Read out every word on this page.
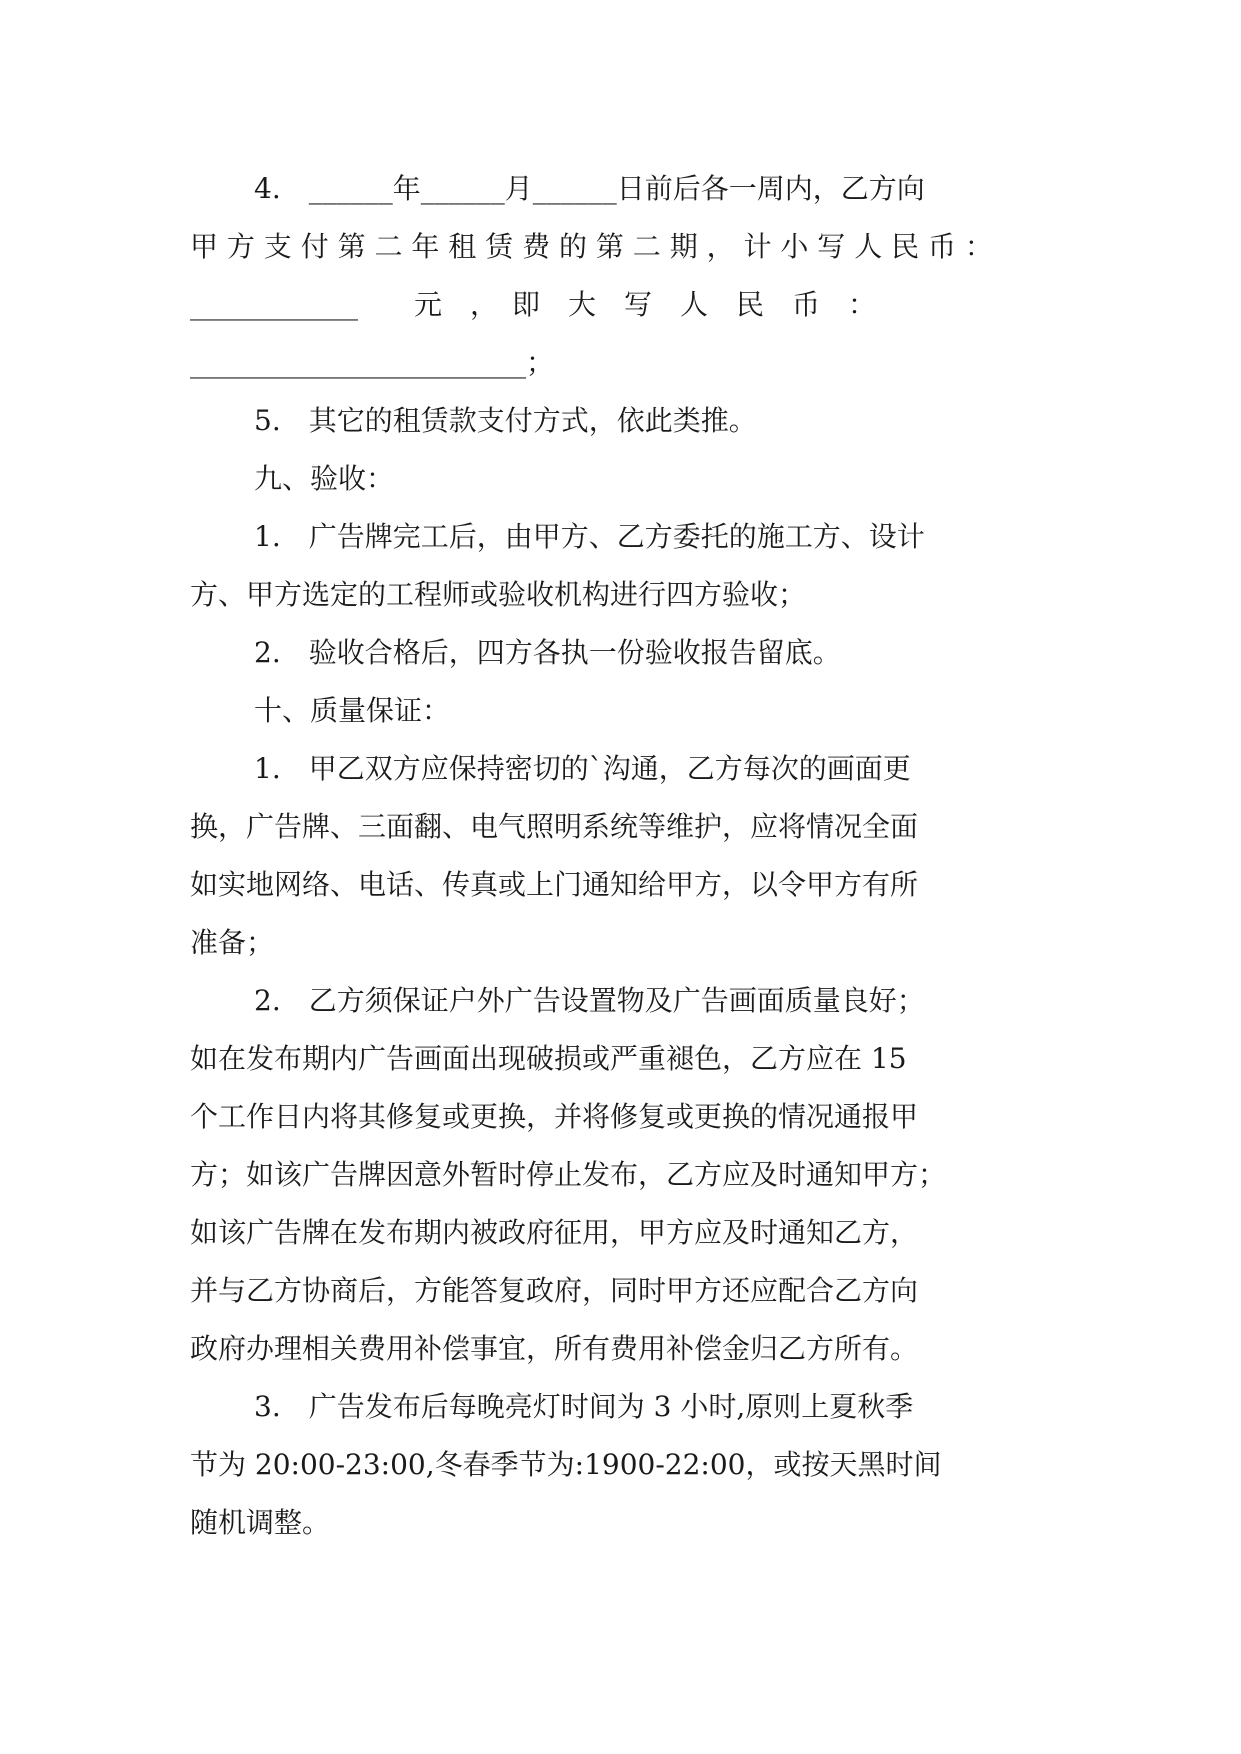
4.　______年______月______日前后各一周内，乙方向
甲 方 支 付 第 二 年 租 赁 费 的 第 二 期 ， 计 小 写 人 民 币 ：
____________　　元　，　即　大　写　人　民　币　：
________________________；
5.　其它的租赁款支付方式，依此类推。
九、验收：
1.　广告牌完工后，由甲方、乙方委托的施工方、设计
方、甲方选定的工程师或验收机构进行四方验收；
2.　验收合格后，四方各执一份验收报告留底。
十、质量保证：
1.　甲乙双方应保持密切的`沟通，乙方每次的画面更
换，广告牌、三面翻、电气照明系统等维护，应将情况全面
如实地网络、电话、传真或上门通知给甲方，以令甲方有所
准备；
2.　乙方须保证户外广告设置物及广告画面质量良好；
如在发布期内广告画面出现破损或严重褪色，乙方应在 15
个工作日内将其修复或更换，并将修复或更换的情况通报甲
方；如该广告牌因意外暂时停止发布，乙方应及时通知甲方；
如该广告牌在发布期内被政府征用，甲方应及时通知乙方，
并与乙方协商后，方能答复政府，同时甲方还应配合乙方向
政府办理相关费用补偿事宜，所有费用补偿金归乙方所有。
3.　广告发布后每晚亮灯时间为 3 小时,原则上夏秋季
节为 20:00-23:00,冬春季节为:1900-22:00，或按天黑时间
随机调整。
